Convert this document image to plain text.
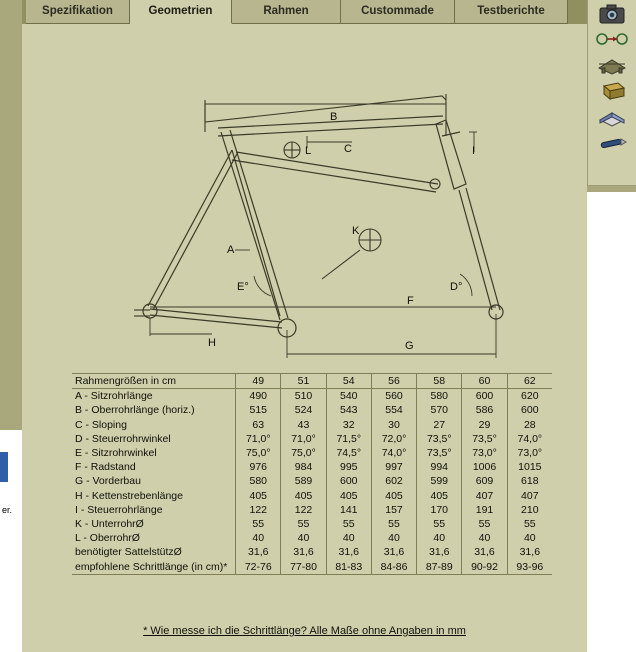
er.
Spezifikation	Geometrien	Rahmen	Custommade	Testberichte
B
L	C	I
A
E°	D°
K
F
G
H
Rahmengrößen in cm	49	51	54	56	58	60	62
A - Sitzrohrlänge	490	510	540	560	580	600	620
B - Oberrohrlänge (horiz.)	515	524	543	554	570	586	600
C - Sloping	63	43	32	30	27	29	28
D - Steuerrohrwinkel	71,0°	71,0°	71,5°	72,0°	73,5°	73,5°	74,0°
E - Sitzrohrwinkel	75,0°	75,0°	74,5°	74,0°	73,5°	73,0°	73,0°
F - Radstand	976	984	995	997	994	1006	1015
G - Vorderbau	580	589	600	602	599	609	618
H - Kettenstrebenlänge	405	405	405	405	405	407	407
I - Steuerrohrlänge	122	122	141	157	170	191	210
K - UnterrohrØ	55	55	55	55	55	55	55
L - OberrohrØ	40	40	40	40	40	40	40
benötigter SattelstützØ	31,6	31,6	31,6	31,6	31,6	31,6	31,6
empfohlene Schrittlänge (in cm)*	72-76	77-80	81-83	84-86	87-89	90-92	93-96
* Wie messe ich die Schrittlänge? Alle Maße ohne Angaben in mm
